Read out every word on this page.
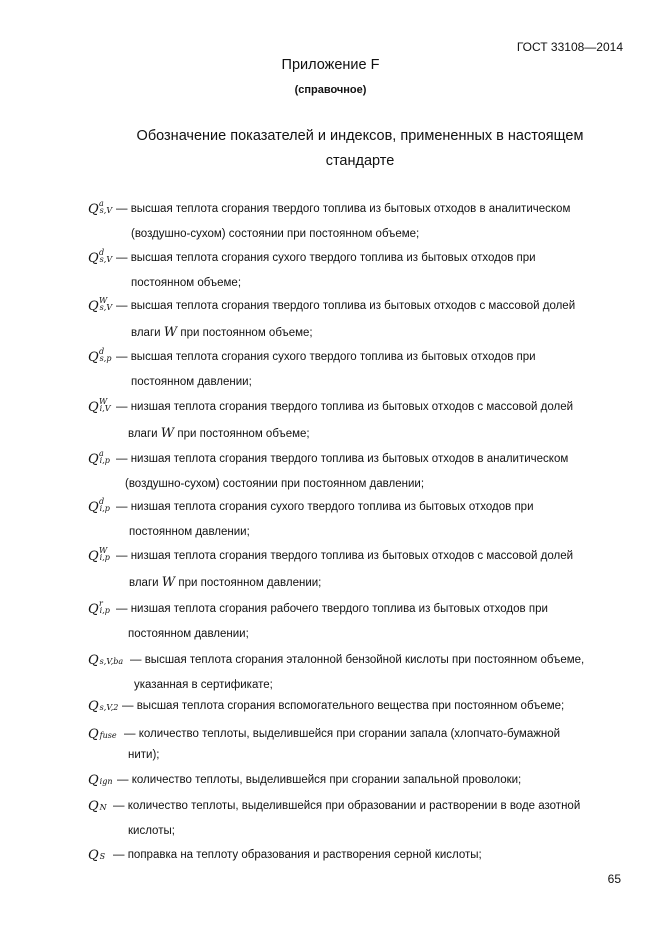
ГОСТ 33108—2014
Приложение F
(справочное)
Обозначение показателей и индексов, примененных в настоящем
стандарте
Q a
s,V — высшая теплота сгорания твердого топлива из бытовых отходов в аналитическом
(воздушно-сухом) состоянии при постоянном объеме;
Q d
s,V — высшая теплота сгорания сухого твердого топлива из бытовых отходов при
постоянном объеме;
Q W
s,V — высшая теплота сгорания твердого топлива из бытовых отходов с массовой долей
влаги W при постоянном объеме;
Q d
s,p — высшая теплота сгорания сухого твердого топлива из бытовых отходов при
постоянном давлении;
Q W
i,V — низшая теплота сгорания твердого топлива из бытовых отходов с массовой долей
влаги W при постоянном объеме;
Q a
i,p — низшая теплота сгорания твердого топлива из бытовых отходов в аналитическом
(воздушно-сухом) состоянии при постоянном давлении;
Q d
i,p — низшая теплота сгорания сухого твердого топлива из бытовых отходов при
постоянном давлении;
Q W
i,p — низшая теплота сгорания твердого топлива из бытовых отходов с массовой долей
влаги W при постоянном давлении;
Q r
i,p — низшая теплота сгорания рабочего твердого топлива из бытовых отходов при
постоянном давлении;
Qs,V,ba — высшая теплота сгорания эталонной бензойной кислоты при постоянном объеме,
указанная в сертификате;
Qs,V,2 — высшая теплота сгорания вспомогательного вещества при постоянном объеме;
Qfuse — количество теплоты, выделившейся при сгорании запала (хлопчато-бумажной
нити);
Qign — количество теплоты, выделившейся при сгорании запальной проволоки;
QN — количество теплоты, выделившейся при образовании и растворении в воде азотной
кислоты;
QS — поправка на теплоту образования и растворения серной кислоты;
65
